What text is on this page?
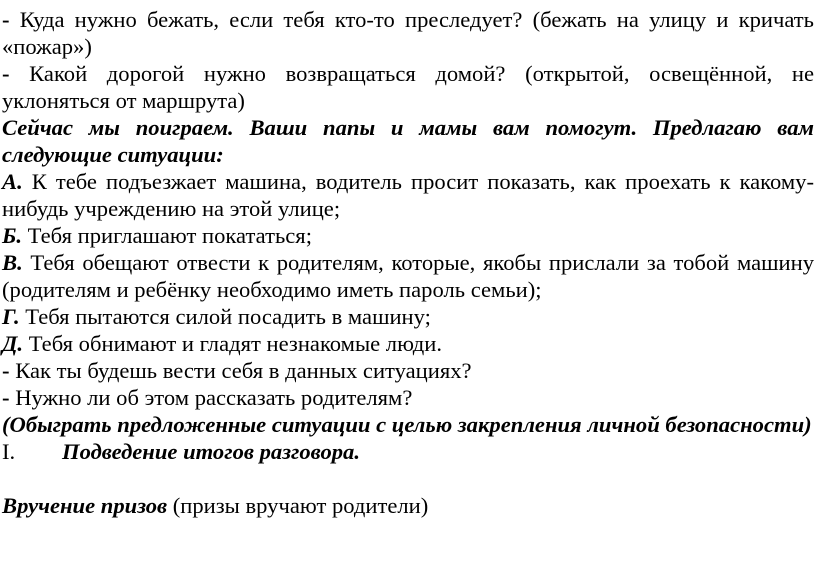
- Куда нужно бежать, если тебя кто-то преследует? (бежать на улицу и кричать «пожар»)

- Какой дорогой нужно возвращаться домой? (открытой, освещённой, не уклоняться от маршрута)

Сейчас мы поиграем. Ваши папы и мамы вам помогут. Предлагаю вам следующие ситуации:

А. К тебе подъезжает машина, водитель просит показать, как проехать к какому-нибудь учреждению на этой улице;

Б. Тебя приглашают покататься;

В. Тебя обещают отвести к родителям, которые, якобы прислали за тобой машину (родителям и ребёнку необходимо иметь пароль семьи);

Г. Тебя пытаются силой посадить в машину;

Д. Тебя обнимают и гладят незнакомые люди.

- Как ты будешь вести себя в данных ситуациях?

- Нужно ли об этом рассказать родителям?

(Обыграть предложенные ситуации с целью закрепления личной безопасности)

I. Подведение итогов разговора.

Вручение призов (призы вручают родители)
